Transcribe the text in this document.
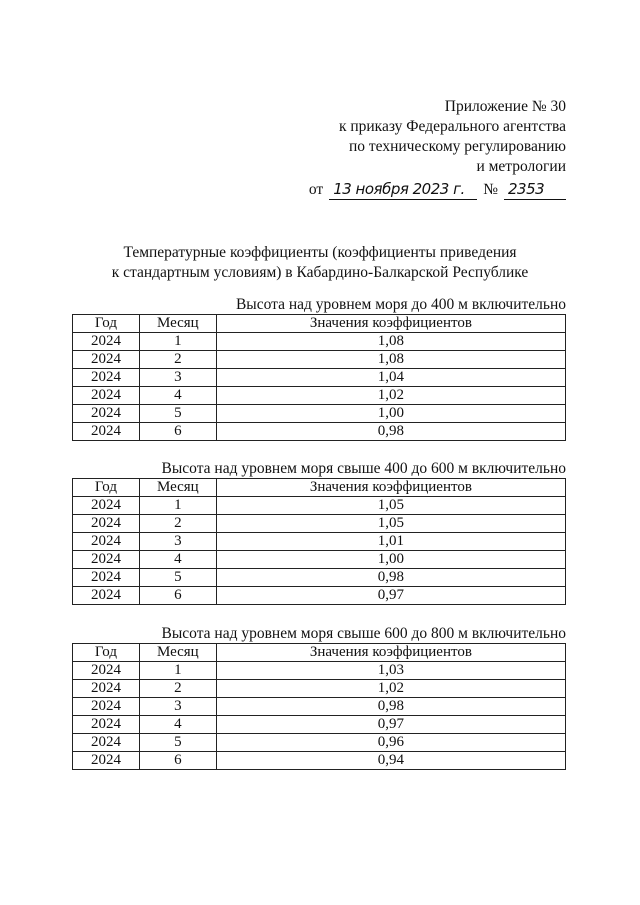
Приложение № 30
к приказу Федерального агентства
по техническому регулированию
и метрологии
от 13 ноября 2023 г.	№ 2353
Температурные коэффициенты (коэффициенты приведения
к стандартным условиям) в Кабардино-Балкарской Республике
Высота над уровнем моря до 400 м включительно
Год	Месяц	Значения коэффициентов
2024	1	1,08
2024	2	1,08
2024	3	1,04
2024	4	1,02
2024	5	1,00
2024	6	0,98
Высота над уровнем моря свыше 400 до 600 м включительно
Год	Месяц	Значения коэффициентов
2024	1	1,05
2024	2	1,05
2024	3	1,01
2024	4	1,00
2024	5	0,98
2024	6	0,97
Высота над уровнем моря свыше 600 до 800 м включительно
Год	Месяц	Значения коэффициентов
2024	1	1,03
2024	2	1,02
2024	3	0,98
2024	4	0,97
2024	5	0,96
2024	6	0,94
